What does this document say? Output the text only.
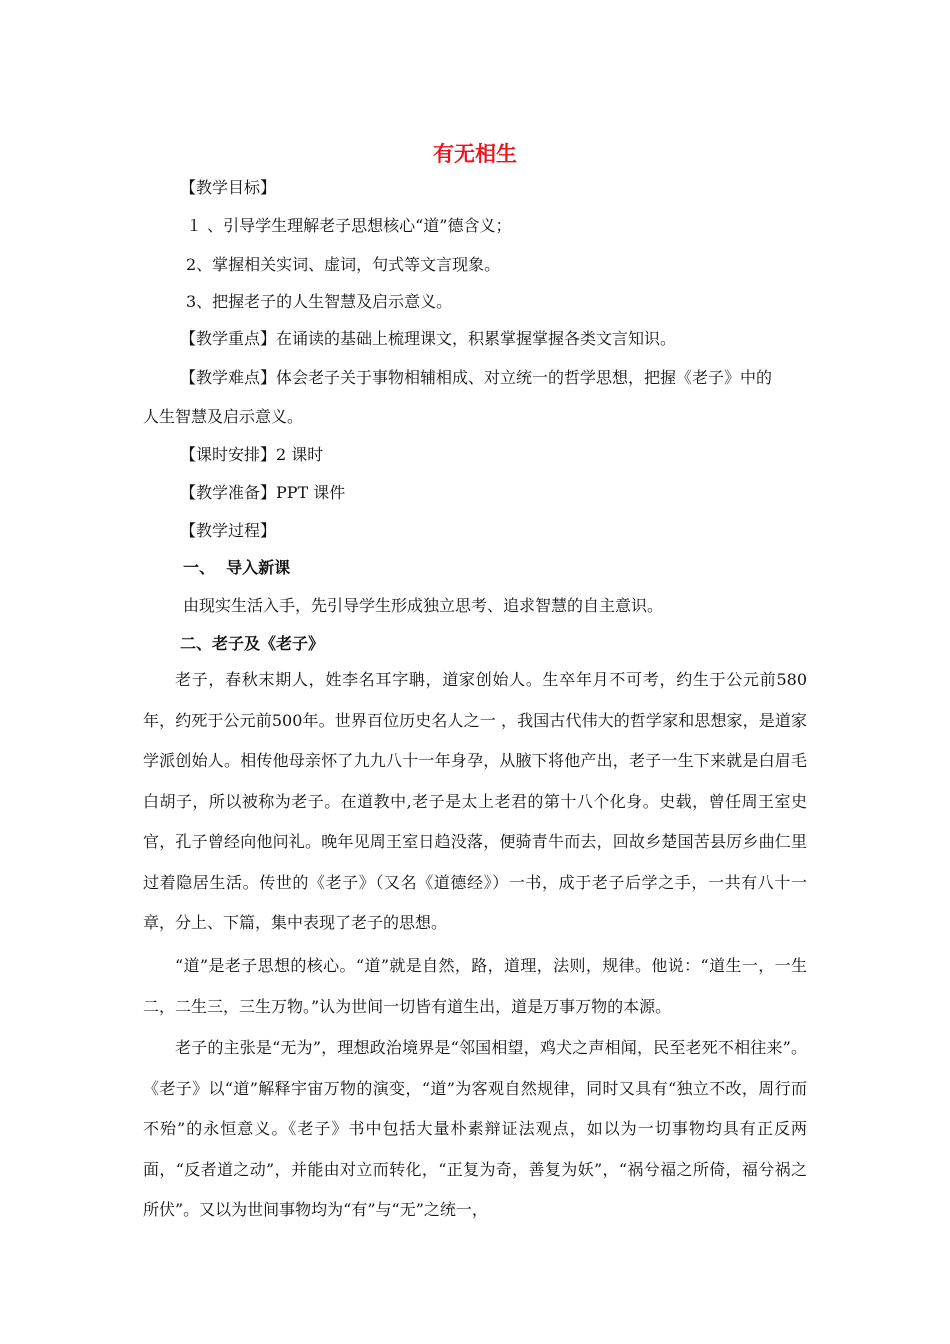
有无相生
【教学目标】
１ 、引导学生理解老子思想核心“道”德含义；
2、掌握相关实词、虚词，句式等文言现象。
3、把握老子的人生智慧及启示意义。
【教学重点】在诵读的基础上梳理课文，积累掌握掌握各类文言知识。
【教学难点】体会老子关于事物相辅相成、对立统一的哲学思想，把握《老子》中的
人生智慧及启示意义。
【课时安排】2 课时
【教学准备】PPT 课件
【教学过程】
一、  导入新课
由现实生活入手，先引导学生形成独立思考、追求智慧的自主意识。
二、老子及《老子》

老子，春秋末期人，姓李名耳字聃，道家创始人。生卒年月不可考，约生于公元前580年，约死于公元前500年。世界百位历史名人之一 ，我国古代伟大的哲学家和思想家，是道家学派创始人。相传他母亲怀了九九八十一年身孕，从腋下将他产出，老子一生下来就是白眉毛白胡子，所以被称为老子。在道教中,老子是太上老君的第十八个化身。史载，曾任周王室史官，孔子曾经向他问礼。晚年见周王室日趋没落，便骑青牛而去，回故乡楚国苦县厉乡曲仁里过着隐居生活。传世的《老子》（又名《道德经》）一书，成于老子后学之手，一共有八十一章，分上、下篇，集中表现了老子的思想。

“道”是老子思想的核心。“道”就是自然，路，道理，法则，规律。他说：“道生一，一生二，二生三，三生万物。”认为世间一切皆有道生出，道是万事万物的本源。

老子的主张是“无为”，理想政治境界是“邻国相望，鸡犬之声相闻，民至老死不相往来”。《老子》以“道”解释宇宙万物的演变，“道”为客观自然规律，同时又具有“独立不改，周行而不殆”的永恒意义。《老子》书中包括大量朴素辩证法观点，如以为一切事物均具有正反两面，“反者道之动”，并能由对立而转化，“正复为奇，善复为妖”，“祸兮福之所倚，福兮祸之所伏”。又以为世间事物均为“有”与“无”之统一，
